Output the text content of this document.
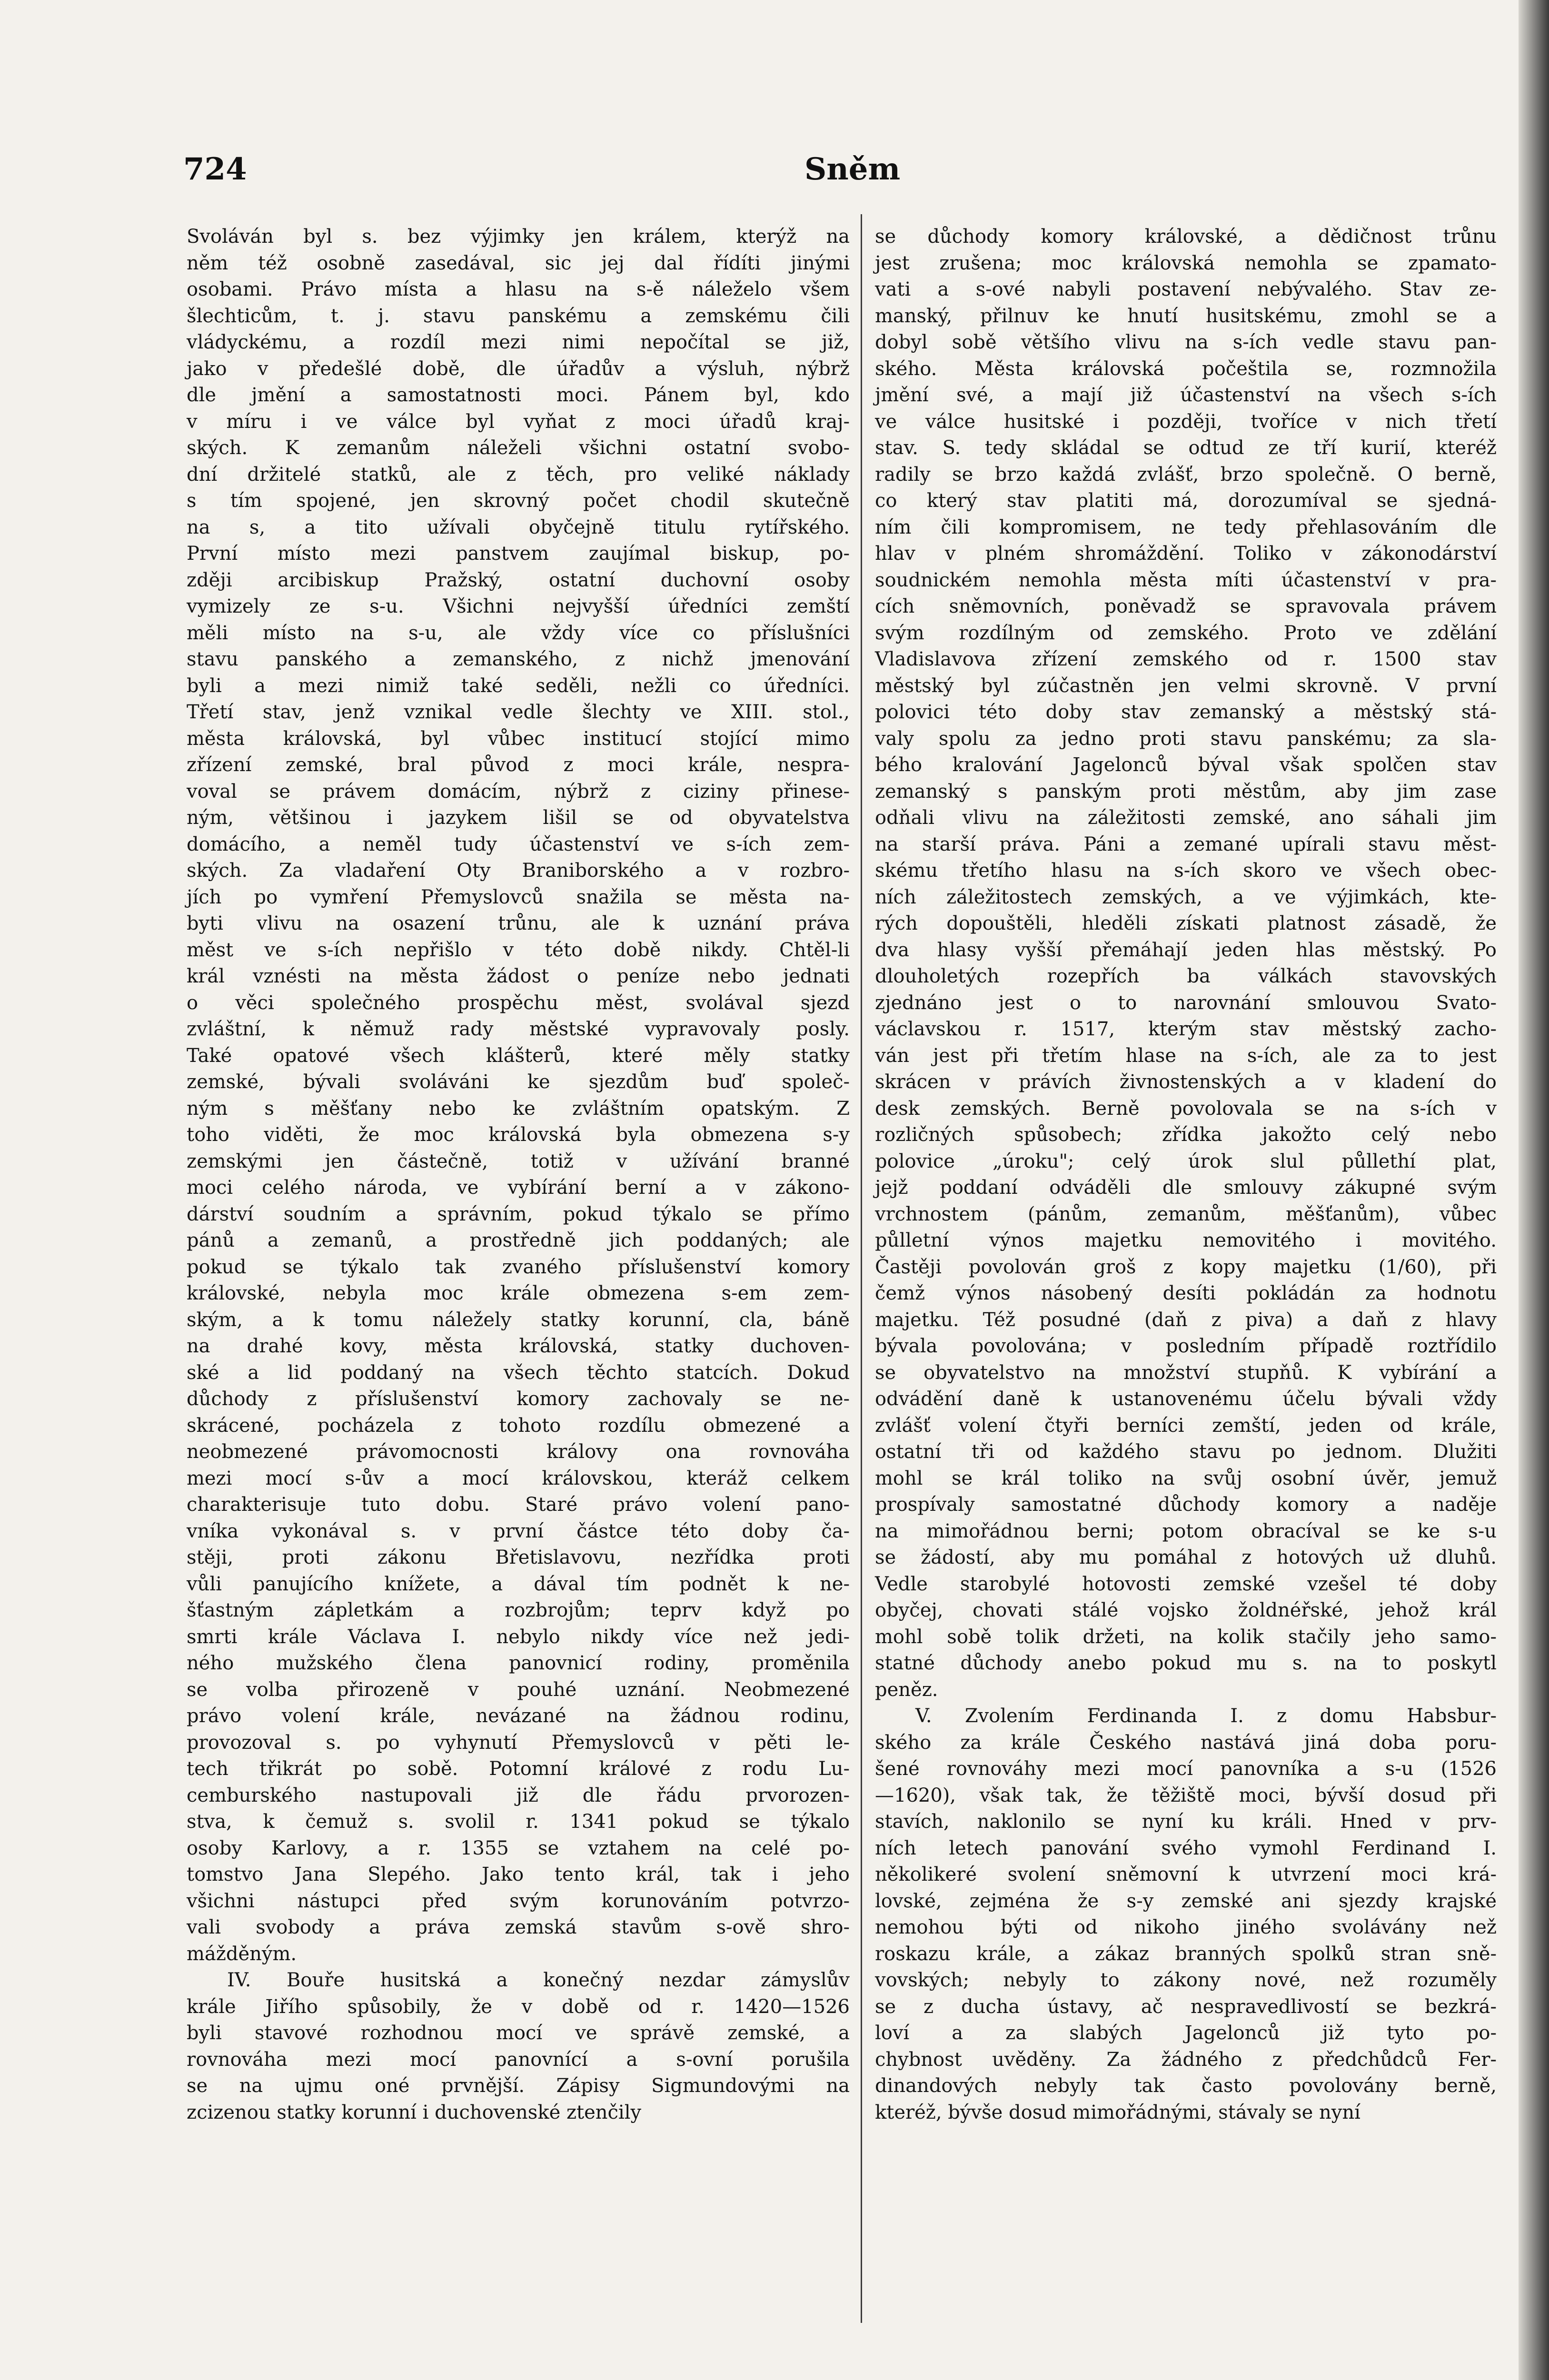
724	Sněm
Svoláván byl s. bez výjimky jen králem, kterýž na
něm též osobně zasedával, sic jej dal řídíti jinými
osobami. Právo místa a hlasu na s-ě náleželo všem
šlechticům, t. j. stavu panskému a zemskému čili
vládyckému, a rozdíl mezi nimi nepočítal se již,
jako v předešlé době, dle úřadův a výsluh, nýbrž
dle jmění a samostatnosti moci. Pánem byl, kdo
v míru i ve válce byl vyňat z moci úřadů kraj-
ských. K zemanům náleželi všichni ostatní svobo-
dní držitelé statků, ale z těch, pro veliké náklady
s tím spojené, jen skrovný počet chodil skutečně
na s, a tito užívali obyčejně titulu rytířského.
První místo mezi panstvem zaujímal biskup, po-
zději arcibiskup Pražský, ostatní duchovní osoby
vymizely ze s-u. Všichni nejvyšší úředníci zemští
měli místo na s-u, ale vždy více co příslušníci
stavu panského a zemanského, z nichž jmenování
byli a mezi nimiž také seděli, nežli co úředníci.
Třetí stav, jenž vznikal vedle šlechty ve XIII. stol.,
města královská, byl vůbec institucí stojící mimo
zřízení zemské, bral původ z moci krále, nespra-
voval se právem domácím, nýbrž z ciziny přinese-
ným, většinou i jazykem lišil se od obyvatelstva
domácího, a neměl tudy účastenství ve s-ích zem-
ských. Za vladaření Oty Braniborského a v rozbro-
jích po vymření Přemyslovců snažila se města na-
byti vlivu na osazení trůnu, ale k uznání práva
měst ve s-ích nepřišlo v této době nikdy. Chtěl-li
král vznésti na města žádost o peníze nebo jednati
o věci společného prospěchu měst, svolával sjezd
zvláštní, k němuž rady městské vypravovaly posly.
Také opatové všech klášterů, které měly statky
zemské, bývali svoláváni ke sjezdům buď společ-
ným s měšťany nebo ke zvláštním opatským. Z
toho viděti, že moc královská byla obmezena s-y
zemskými jen částečně, totiž v užívání branné
moci celého národa, ve vybírání berní a v zákono-
dárství soudním a správním, pokud týkalo se přímo
pánů a zemanů, a prostředně jich poddaných; ale
pokud se týkalo tak zvaného příslušenství komory
královské, nebyla moc krále obmezena s-em zem-
ským, a k tomu náležely statky korunní, cla, báně
na drahé kovy, města královská, statky duchoven-
ské a lid poddaný na všech těchto statcích. Dokud
důchody z příslušenství komory zachovaly se ne-
skrácené, pocházela z tohoto rozdílu obmezené a
neobmezené právomocnosti královy ona rovnováha
mezi mocí s-ův a mocí královskou, kteráž celkem
charakterisuje tuto dobu. Staré právo volení pano-
vníka vykonával s. v první částce této doby ča-
stěji, proti zákonu Břetislavovu, nezřídka proti
vůli panujícího knížete, a dával tím podnět k ne-
šťastným zápletkám a rozbrojům; teprv když po
smrti krále Václava I. nebylo nikdy více než jedi-
ného mužského člena panovnicí rodiny, proměnila
se volba přirozeně v pouhé uznání. Neobmezené
právo volení krále, nevázané na žádnou rodinu,
provozoval s. po vyhynutí Přemyslovců v pěti le-
tech třikrát po sobě. Potomní králové z rodu Lu-
cemburského nastupovali již dle řádu prvorozen-
stva, k čemuž s. svolil r. 1341 pokud se týkalo
osoby Karlovy, a r. 1355 se vztahem na celé po-
tomstvo Jana Slepého. Jako tento král, tak i jeho
všichni nástupci před svým korunováním potvrzo-
vali svobody a práva zemská stavům s-ově shro-
mážděným.
IV. Bouře husitská a konečný nezdar zámyslův
krále Jiřího spůsobily, že v době od r. 1420—1526
byli stavové rozhodnou mocí ve správě zemské, a
rovnováha mezi mocí panovnící a s-ovní porušila
se na ujmu oné prvnější. Zápisy Sigmundovými na
zcizenou statky korunní i duchovenské ztenčily
se důchody komory královské, a dědičnost trůnu
jest zrušena; moc královská nemohla se zpamato-
vati a s-ové nabyli postavení nebývalého. Stav ze-
manský, přilnuv ke hnutí husitskému, zmohl se a
dobyl sobě většího vlivu na s-ích vedle stavu pan-
ského. Města královská počeštila se, rozmnožila
jmění své, a mají již účastenství na všech s-ích
ve válce husitské i později, tvoříce v nich třetí
stav. S. tedy skládal se odtud ze tří kurií, kteréž
radily se brzo každá zvlášť, brzo společně. O berně,
co který stav platiti má, dorozumíval se sjedná-
ním čili kompromisem, ne tedy přehlasováním dle
hlav v plném shromáždění. Toliko v zákonodárství
soudnickém nemohla města míti účastenství v pra-
cích sněmovních, poněvadž se spravovala právem
svým rozdílným od zemského. Proto ve zdělání
Vladislavova zřízení zemského od r. 1500 stav
městský byl zúčastněn jen velmi skrovně. V první
polovici této doby stav zemanský a městský stá-
valy spolu za jedno proti stavu panskému; za sla-
bého kralování Jagelonců býval však spolčen stav
zemanský s panským proti městům, aby jim zase
odňali vlivu na záležitosti zemské, ano sáhali jim
na starší práva. Páni a zemané upírali stavu měst-
skému třetího hlasu na s-ích skoro ve všech obec-
ních záležitostech zemských, a ve výjimkách, kte-
rých dopouštěli, hleděli získati platnost zásadě, že
dva hlasy vyšší přemáhají jeden hlas městský. Po
dlouholetých rozepřích ba válkách stavovských
zjednáno jest o to narovnání smlouvou Svato-
václavskou r. 1517, kterým stav městský zacho-
ván jest při třetím hlase na s-ích, ale za to jest
skrácen v právích živnostenských a v kladení do
desk zemských. Berně povolovala se na s-ích v
rozličných spůsobech; zřídka jakožto celý nebo
polovice „úroku"; celý úrok slul půllethí plat,
jejž poddaní odváděli dle smlouvy zákupné svým
vrchnostem (pánům, zemanům, měšťanům), vůbec
půlletní výnos majetku nemovitého i movitého.
Častěji povolován groš z kopy majetku (1/60), při
čemž výnos násobený desíti pokládán za hodnotu
majetku. Též posudné (daň z piva) a daň z hlavy
bývala povolována; v posledním případě roztřídilo
se obyvatelstvo na množství stupňů. K vybírání a
odvádění daně k ustanovenému účelu bývali vždy
zvlášť volení čtyři berníci zemští, jeden od krále,
ostatní tři od každého stavu po jednom. Dlužiti
mohl se král toliko na svůj osobní úvěr, jemuž
prospívaly samostatné důchody komory a naděje
na mimořádnou berni; potom obracíval se ke s-u
se žádostí, aby mu pomáhal z hotových už dluhů.
Vedle starobylé hotovosti zemské vzešel té doby
obyčej, chovati stálé vojsko žoldnéřské, jehož král
mohl sobě tolik držeti, na kolik stačily jeho samo-
statné důchody anebo pokud mu s. na to poskytl
peněz.
V. Zvolením Ferdinanda I. z domu Habsbur-
ského za krále Českého nastává jiná doba poru-
šené rovnováhy mezi mocí panovníka a s-u (1526
—1620), však tak, že těžiště moci, bývší dosud při
stavích, naklonilo se nyní ku králi. Hned v prv-
ních letech panování svého vymohl Ferdinand I.
několikeré svolení sněmovní k utvrzení moci krá-
lovské, zejména že s-y zemské ani sjezdy krajské
nemohou býti od nikoho jiného svolávány než
roskazu krále, a zákaz branných spolků stran sně-
vovských; nebyly to zákony nové, než rozuměly
se z ducha ústavy, ač nespravedlivostí se bezkrá-
loví a za slabých Jagelonců již tyto po-
chybnost uvěděny. Za žádného z předchůdců Fer-
dinandových nebyly tak často povolovány berně,
kteréž, bývše dosud mimořádnými, stávaly se nyní
